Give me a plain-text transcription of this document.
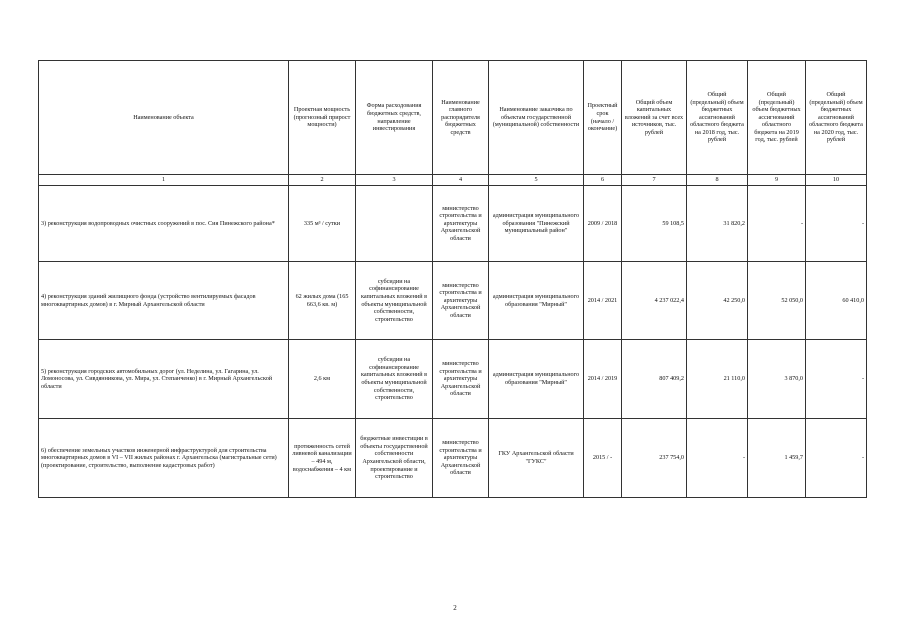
Наименование объекта	Проектная мощность (прогнозный прирост мощности)	Форма расходования бюджетных средств, направление инвестирования	Наименование главного распорядителя бюджетных средств	Наименование заказчика по объектам государственной (муниципальной) собственности	Проектный срок (начало / окончание)	Общий объем капитальных вложений за счет всех источников, тыс. рублей	Общий (предельный) объем бюджетных ассигнований областного бюджета на 2018 год, тыс. рублей	Общий (предельный) объем бюджетных ассигнований областного бюджета на 2019 год, тыс. рублей	Общий (предельный) объем бюджетных ассигнований областного бюджета на 2020 год, тыс. рублей
1	2	3	4	5	6	7	8	9	10
3) реконструкция водопроводных очистных сооружений в пос. Сия Пинежского района*	335 м³ / сутки		министерство строительства и архитектуры Архангельской области	администрация муниципального образования "Пинежский муниципальный район"	2009 / 2018	59 108,5	31 820,2	-	-
4) реконструкция зданий жилищного фонда (устройство вентилируемых фасадов многоквартирных домов) в г. Мирный Архангельской области	62 жилых дома (165 663,6 кв. м)	субсидии на софинансирование капитальных вложений в объекты муниципальной собственности, строительство	министерство строительства и архитектуры Архангельской области	администрация муниципального образования "Мирный"	2014 / 2021	4 237 022,4	42 250,0	52 050,0	60 410,0
5) реконструкция городских автомобильных дорог (ул. Неделина, ул. Гагарина, ул. Ломоносова, ул. Сивдянникова, ул. Мира, ул. Степанченко) в г. Мирный Архангельской области	2,6 км	субсидии на софинансирование капитальных вложений в объекты муниципальной собственности, строительство	министерство строительства и архитектуры Архангельской области	администрация муниципального образования "Мирный"	2014 / 2019	807 409,2	21 110,0	3 870,0	-
6) обеспечение земельных участков инженерной инфраструктурой для строительства многоквартирных домов в VI – VII жилых районах г. Архангельска (магистральные сети) (проектирование, строительство, выполнение кадастровых работ)	протяженность сетей ливневой канализации – 494 м, водоснабжения – 4 км	бюджетные инвестиции в объекты государственной собственности Архангельской области, проектирование и строительство	министерство строительства и архитектуры Архангельской области	ГКУ Архангельской области "ГУКС"	2015 / -	237 754,0	-	1 459,7	-
2
